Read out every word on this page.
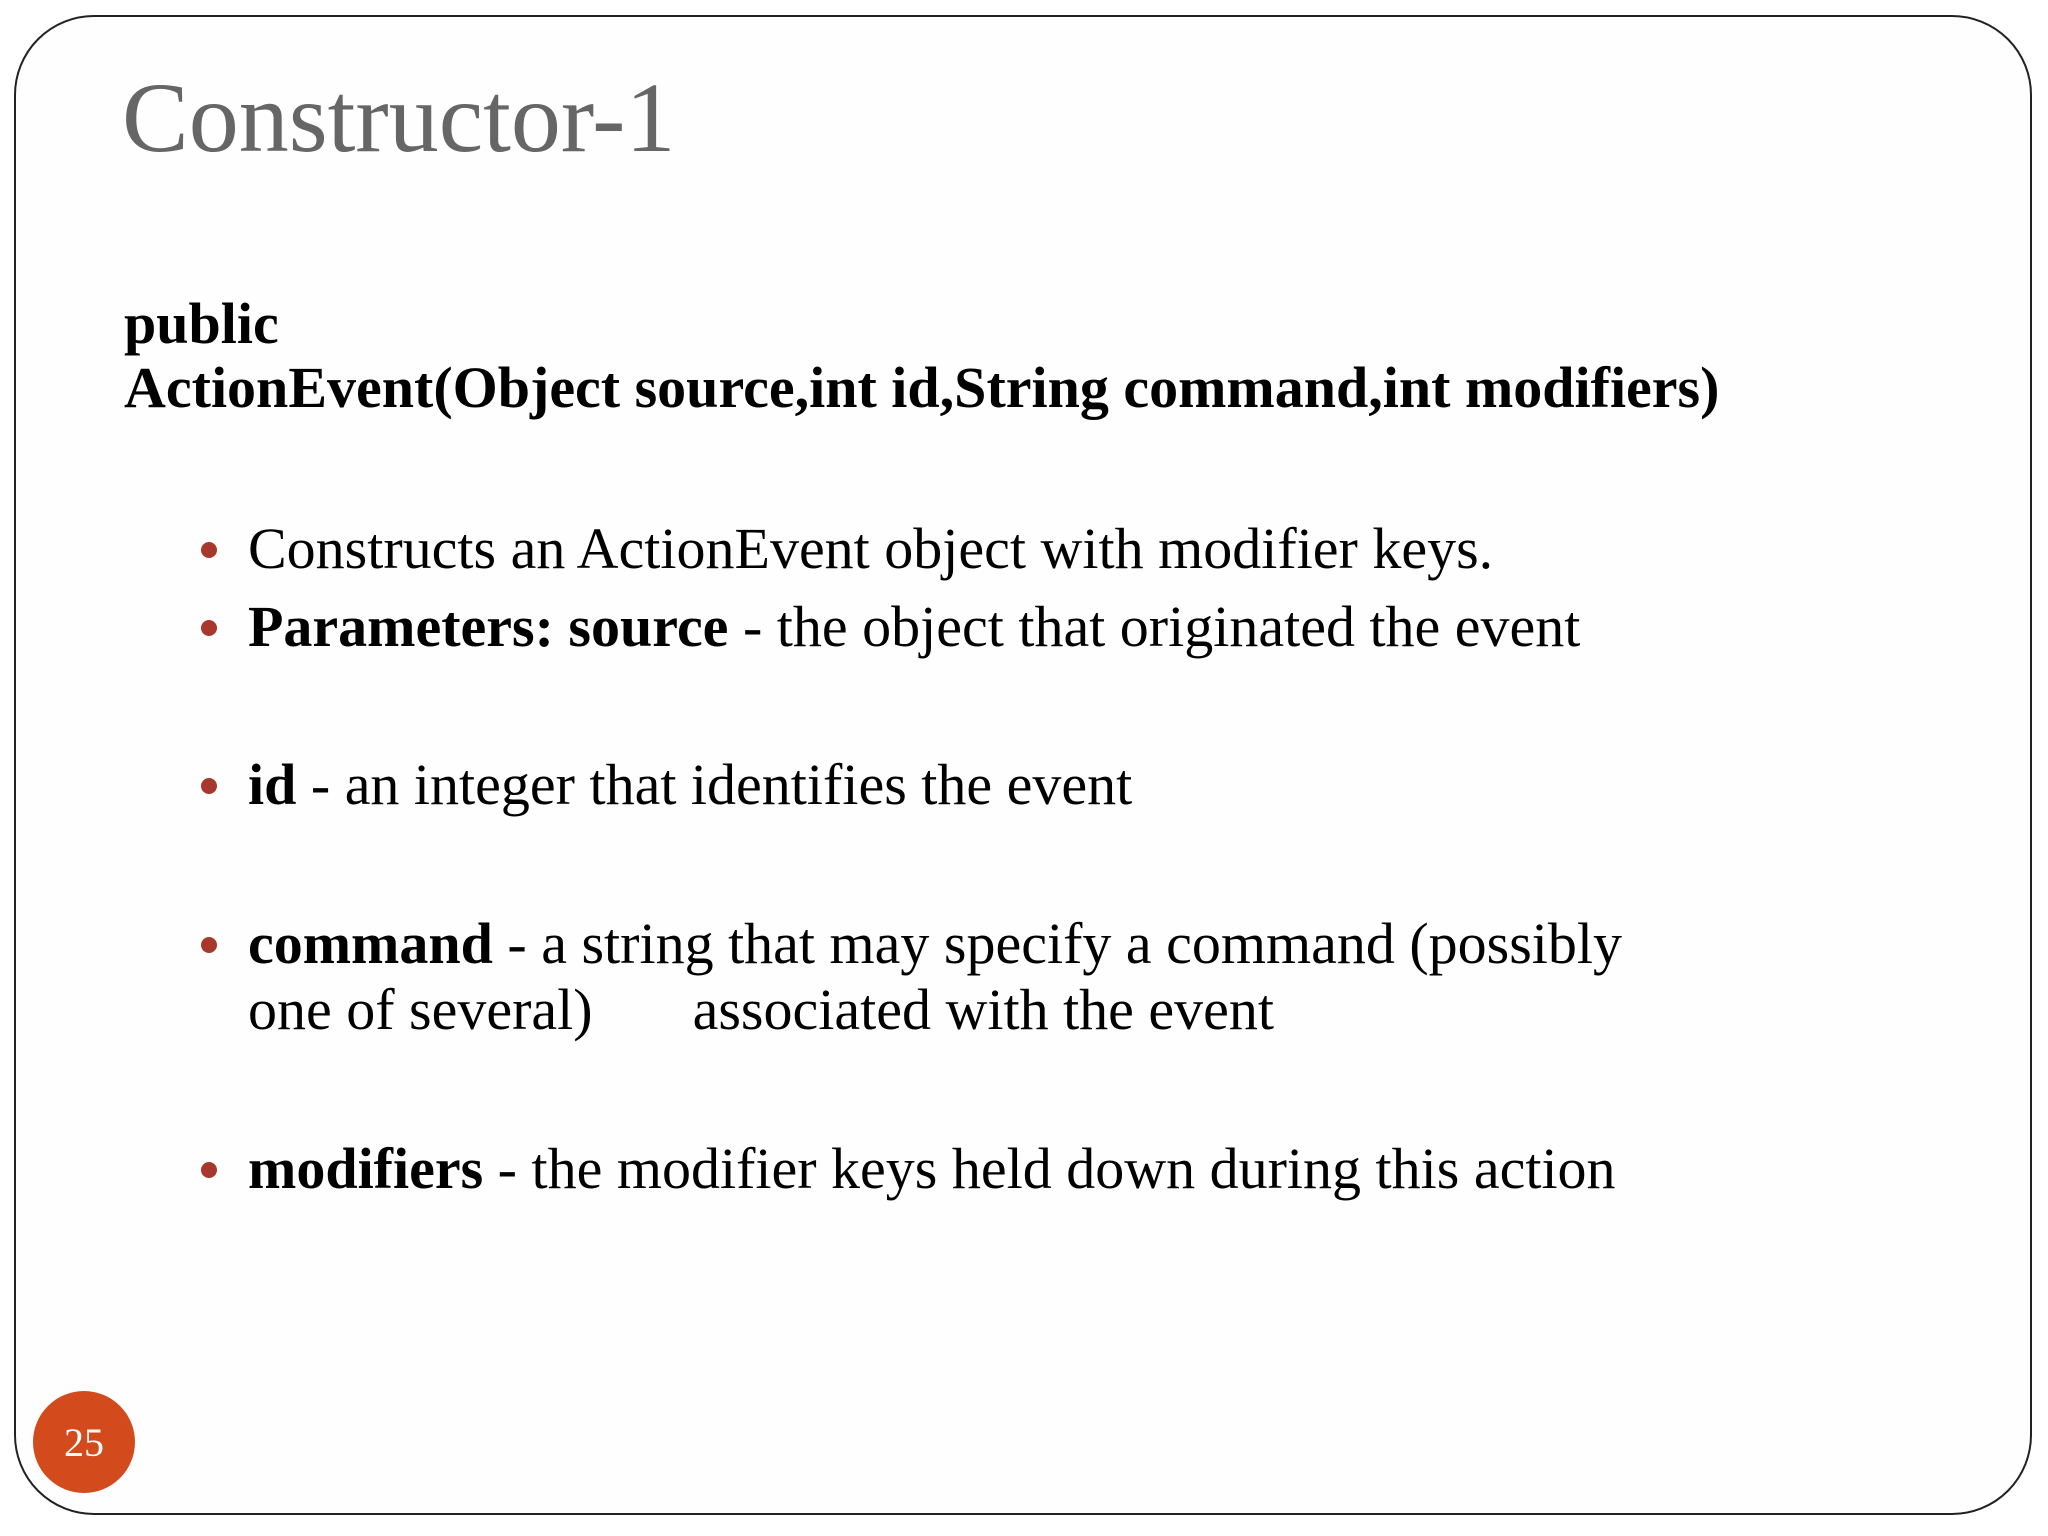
Constructor-1
public
ActionEvent(Object source,int id,String command,int modifiers)
Constructs an ActionEvent object with modifier keys.
Parameters: source - the object that originated the event
id - an integer that identifies the event
command - a string that may specify a command (possibly
one of several) associated with the event
modifiers - the modifier keys held down during this action
25
